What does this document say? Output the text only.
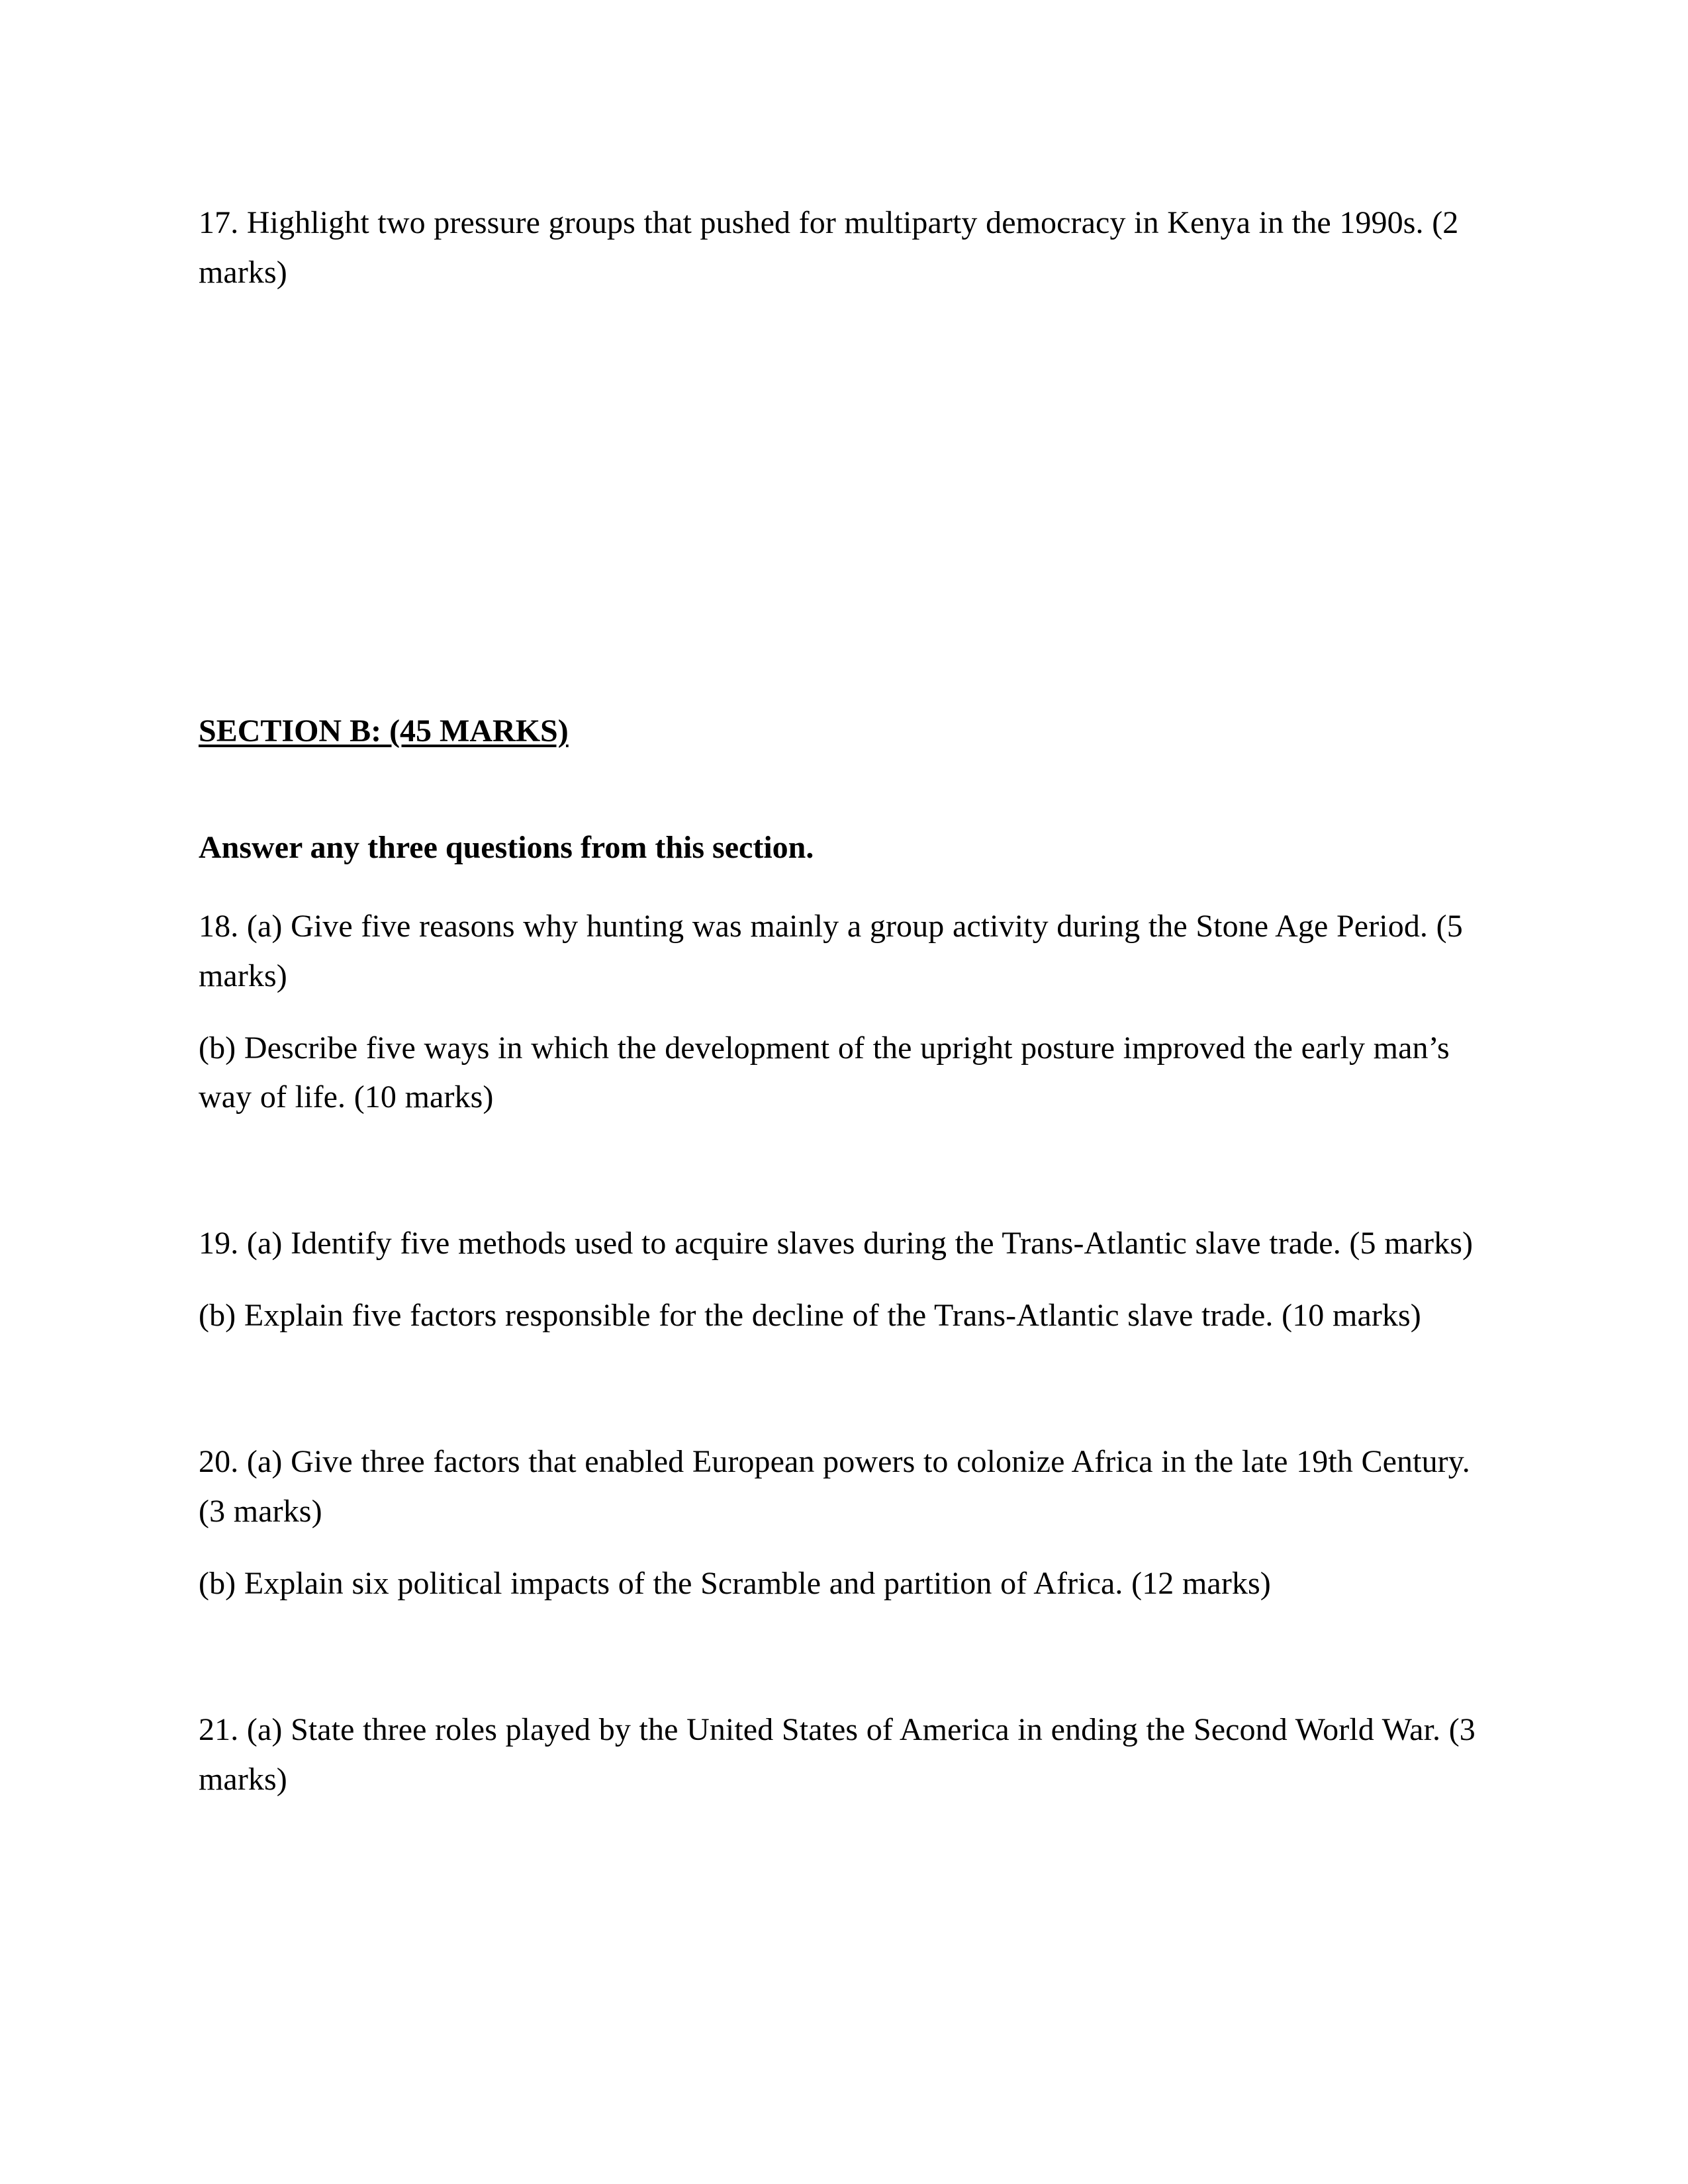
17. Highlight two pressure groups that pushed for multiparty democracy in Kenya in the 1990s. (2 marks)

SECTION B: (45 MARKS)

Answer any three questions from this section.

18. (a) Give five reasons why hunting was mainly a group activity during the Stone Age Period. (5 marks)

(b) Describe five ways in which the development of the upright posture improved the early man’s way of life. (10 marks)

19. (a) Identify five methods used to acquire slaves during the Trans-Atlantic slave trade. (5 marks)

(b) Explain five factors responsible for the decline of the Trans-Atlantic slave trade. (10 marks)

20. (a) Give three factors that enabled European powers to colonize Africa in the late 19th Century. (3 marks)

(b) Explain six political impacts of the Scramble and partition of Africa. (12 marks)

21. (a) State three roles played by the United States of America in ending the Second World War. (3 marks)
